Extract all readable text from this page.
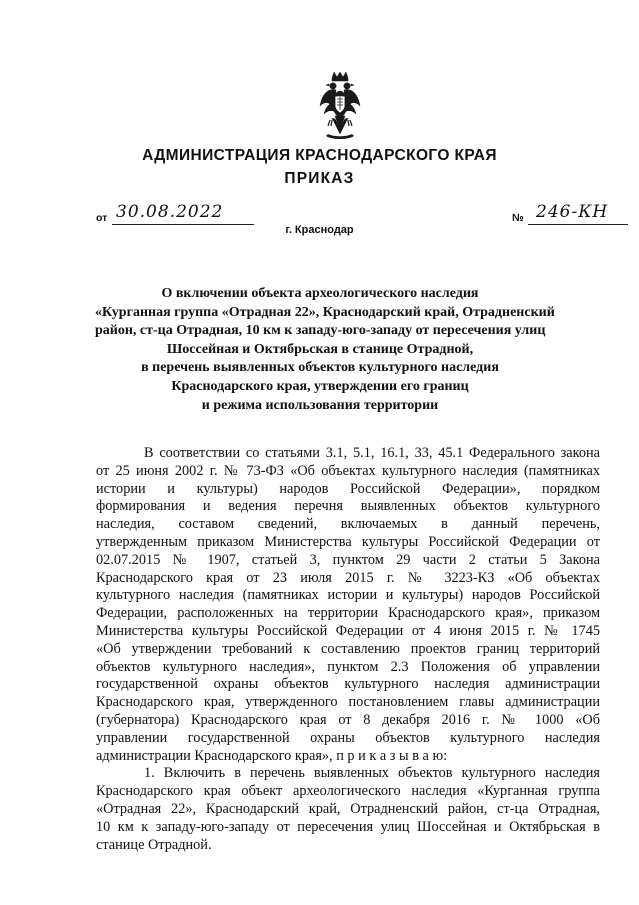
АДМИНИСТРАЦИЯ КРАСНОДАРСКОГО КРАЯ
ПРИКАЗ
от 30.08.2022	№ 246-КН
г. Краснодар
О включении объекта археологического наследия
«Курганная группа «Отрадная 22», Краснодарский край, Отрадненский
район, ст-ца Отрадная, 10 км к западу-юго-западу от пересечения улиц
Шоссейная и Октябрьская в станице Отрадной,
в перечень выявленных объектов культурного наследия
Краснодарского края, утверждении его границ
и режима использования территории
В соответствии со статьями 3.1, 5.1, 16.1, 33, 45.1 Федерального закона
от 25 июня 2002 г. № 73-ФЗ «Об объектах культурного наследия (памятниках
истории и культуры) народов Российской Федерации», порядком
формирования и ведения перечня выявленных объектов культурного
наследия, составом сведений, включаемых в данный перечень,
утвержденным приказом Министерства культуры Российской Федерации от
02.07.2015 № 1907, статьей 3, пунктом 29 части 2 статьи 5 Закона
Краснодарского края от 23 июля 2015 г. № 3223-КЗ «Об объектах
культурного наследия (памятниках истории и культуры) народов Российской
Федерации, расположенных на территории Краснодарского края», приказом
Министерства культуры Российской Федерации от 4 июня 2015 г. № 1745
«Об утверждении требований к составлению проектов границ территорий
объектов культурного наследия», пунктом 2.3 Положения об управлении
государственной охраны объектов культурного наследия администрации
Краснодарского края, утвержденного постановлением главы администрации
(губернатора) Краснодарского края от 8 декабря 2016 г. № 1000 «Об
управлении государственной охраны объектов культурного наследия
администрации Краснодарского края», п р и к а з ы в а ю:
1. Включить в перечень выявленных объектов культурного наследия
Краснодарского края объект археологического наследия «Курганная группа
«Отрадная 22», Краснодарский край, Отрадненский район, ст-ца Отрадная,
10 км к западу-юго-западу от пересечения улиц Шоссейная и Октябрьская в
станице Отрадной.
